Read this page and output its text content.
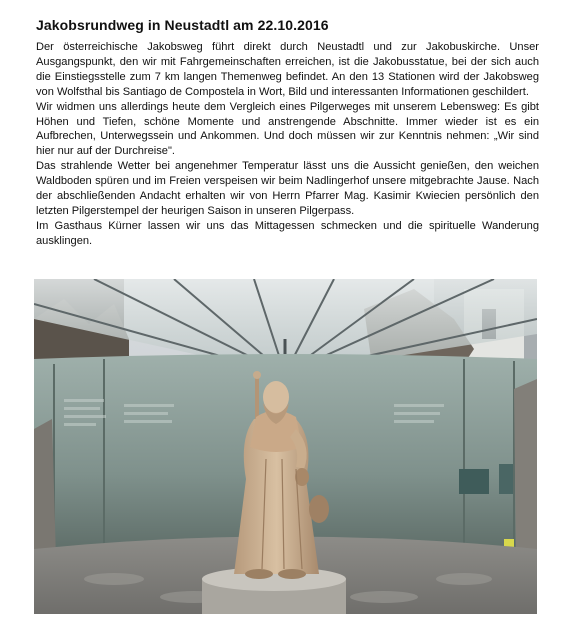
Jakobsrundweg in Neustadtl am 22.10.2016

Der österreichische Jakobsweg führt direkt durch Neustadtl und zur Jakobuskirche. Unser Ausgangspunkt, den wir mit Fahrgemeinschaften erreichen, ist die Jakobusstatue, bei der sich auch die Einstiegsstelle zum 7 km langen Themenweg befindet. An den 13 Stationen wird der Jakobsweg von Wolfsthal bis Santiago de Compostela in Wort, Bild und interessanten Informationen geschildert.

Wir widmen uns allerdings heute dem Vergleich eines Pilgerweges mit unserem Lebensweg: Es gibt Höhen und Tiefen, schöne Momente und anstrengende Abschnitte. Immer wieder ist es ein Aufbrechen, Unterwegssein und Ankommen. Und doch müssen wir zur Kenntnis nehmen: „Wir sind hier nur auf der Durchreise".

Das strahlende Wetter bei angenehmer Temperatur lässt uns die Aussicht genießen, den weichen Waldboden spüren und im Freien verspeisen wir beim Nadlingerhof unsere mitgebrachte Jause. Nach der abschließenden Andacht erhalten wir von Herrn Pfarrer Mag. Kasimir Kwiecien persönlich den letzten Pilgerstempel der heurigen Saison in unseren Pilgerpass.

Im Gasthaus Kürner lassen wir uns das Mittagessen schmecken und die spirituelle Wanderung ausklingen.
